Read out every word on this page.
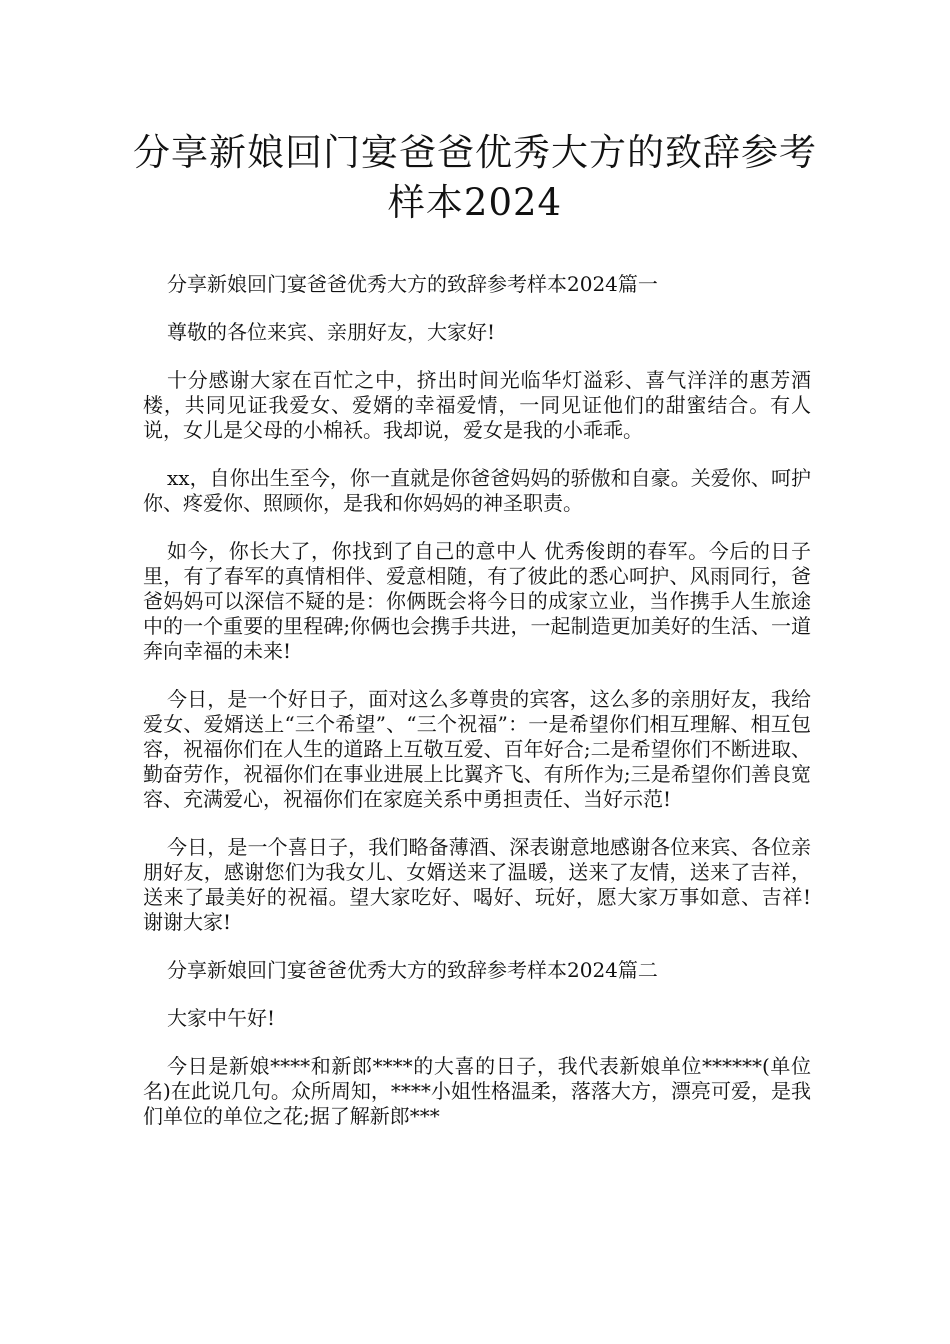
分享新娘回门宴爸爸优秀大方的致辞参考
样本2024

分享新娘回门宴爸爸优秀大方的致辞参考样本2024篇一

尊敬的各位来宾、亲朋好友，大家好!

十分感谢大家在百忙之中，挤出时间光临华灯溢彩、喜气洋洋的惠芳酒楼，共同见证我爱女、爱婿的幸福爱情，一同见证他们的甜蜜结合。有人说，女儿是父母的小棉袄。我却说，爱女是我的小乖乖。

xx，自你出生至今，你一直就是你爸爸妈妈的骄傲和自豪。关爱你、呵护你、疼爱你、照顾你，是我和你妈妈的神圣职责。

如今，你长大了，你找到了自己的意中人 优秀俊朗的春军。今后的日子里，有了春军的真情相伴、爱意相随，有了彼此的悉心呵护、风雨同行，爸爸妈妈可以深信不疑的是：你俩既会将今日的成家立业，当作携手人生旅途中的一个重要的里程碑;你俩也会携手共进，一起制造更加美好的生活、一道奔向幸福的未来!

今日，是一个好日子，面对这么多尊贵的宾客，这么多的亲朋好友，我给爱女、爱婿送上“三个希望”、“三个祝福”：一是希望你们相互理解、相互包容，祝福你们在人生的道路上互敬互爱、百年好合;二是希望你们不断进取、勤奋劳作，祝福你们在事业进展上比翼齐飞、有所作为;三是希望你们善良宽容、充满爱心，祝福你们在家庭关系中勇担责任、当好示范!

今日，是一个喜日子，我们略备薄酒、深表谢意地感谢各位来宾、各位亲朋好友，感谢您们为我女儿、女婿送来了温暖，送来了友情，送来了吉祥，送来了最美好的祝福。望大家吃好、喝好、玩好，愿大家万事如意、吉祥!谢谢大家!

分享新娘回门宴爸爸优秀大方的致辞参考样本2024篇二

大家中午好!

今日是新娘****和新郎****的大喜的日子，我代表新娘单位******(单位名)在此说几句。众所周知，****小姐性格温柔，落落大方，漂亮可爱，是我们单位的单位之花;据了解新郎***
